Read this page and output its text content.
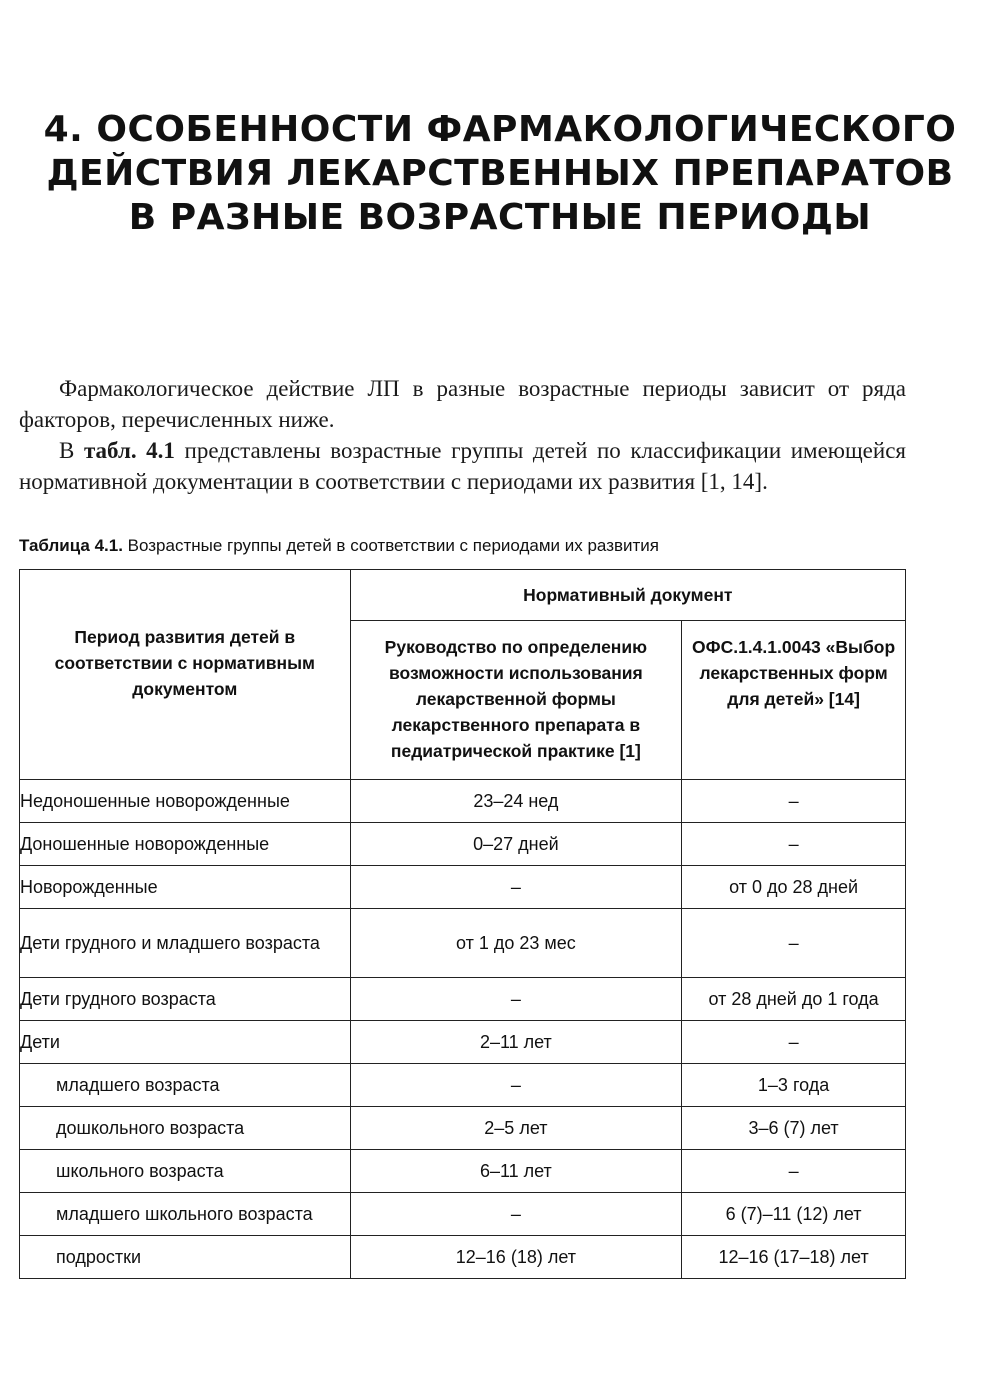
4. ОСОБЕННОСТИ ФАРМАКОЛОГИЧЕСКОГО
ДЕЙСТВИЯ ЛЕКАРСТВЕННЫХ ПРЕПАРАТОВ
В РАЗНЫЕ ВОЗРАСТНЫЕ ПЕРИОДЫ

Фармакологическое действие ЛП в разные возрастные периоды зависит от ряда факторов, перечисленных ниже.

В табл. 4.1 представлены возрастные группы детей по классификации имеющейся нормативной документации в соответствии с периодами их развития [1, 14].

Таблица 4.1. Возрастные группы детей в соответствии с периодами их развития
Период развития детей в соответствии с нормативным документом	Нормативный документ	

	Руководство по определению возможности использования лекарственной формы лекарственного препарата в педиатрической практике [1]	ОФС.1.4.1.0043 «Выбор лекарственных форм для детей» [14]

Недоношенные новорожденные	23–24 нед	–
Доношенные новорожденные	0–27 дней	–
Новорожденные	–	от 0 до 28 дней
Дети грудного и младшего возраста	от 1 до 23 мес	–
Дети грудного возраста	–	от 28 дней до 1 года
Дети	2–11 лет	–
младшего возраста	–	1–3 года
дошкольного возраста	2–5 лет	3–6 (7) лет
школьного возраста	6–11 лет	–
младшего школьного возраста	–	6 (7)–11 (12) лет
подростки	12–16 (18) лет	12–16 (17–18) лет
